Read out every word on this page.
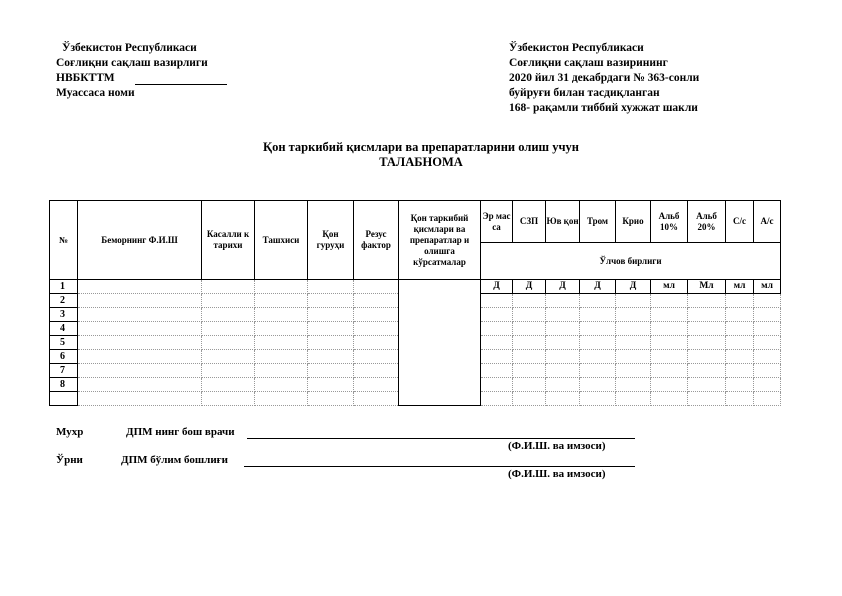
Ўзбекистон Республикаси
Соғлиқни сақлаш вазирлиги
НВБКТТМ
Муассаса номи
Ўзбекистон Республикаси
Соғлиқни сақлаш вазирининг
2020 йил 31 декабрдаги № 363-сонли
буйруғи билан тасдиқланган
168- рақамли тиббий хужжат шакли
Қон таркибий қисмлари ва препаратларини олиш учун
ТАЛАБНОМА
№	Беморнинг Ф.И.Ш	Касалли к тарихи	Ташхиси	Қон гуруҳи	Резус фактор	Қон таркибий қисмлари ва препаратлар и олишга кўрсатмалар	Эр мас са	СЗП	Юв қон	Тром	Крио	Альб 10%	Альб 20%	С/с	А/с
							Ўлчов бирлиги								
1							Д	Д	Д	Д	Д	мл	Мл	мл	мл
2															
3															
4															
5															
6															
7															
8															

Мухр	ДПМ нинг бош врачи
(Ф.И.Ш. ва имзоси)
Ўрни	ДПМ бўлим бошлиғи
(Ф.И.Ш. ва имзоси)
